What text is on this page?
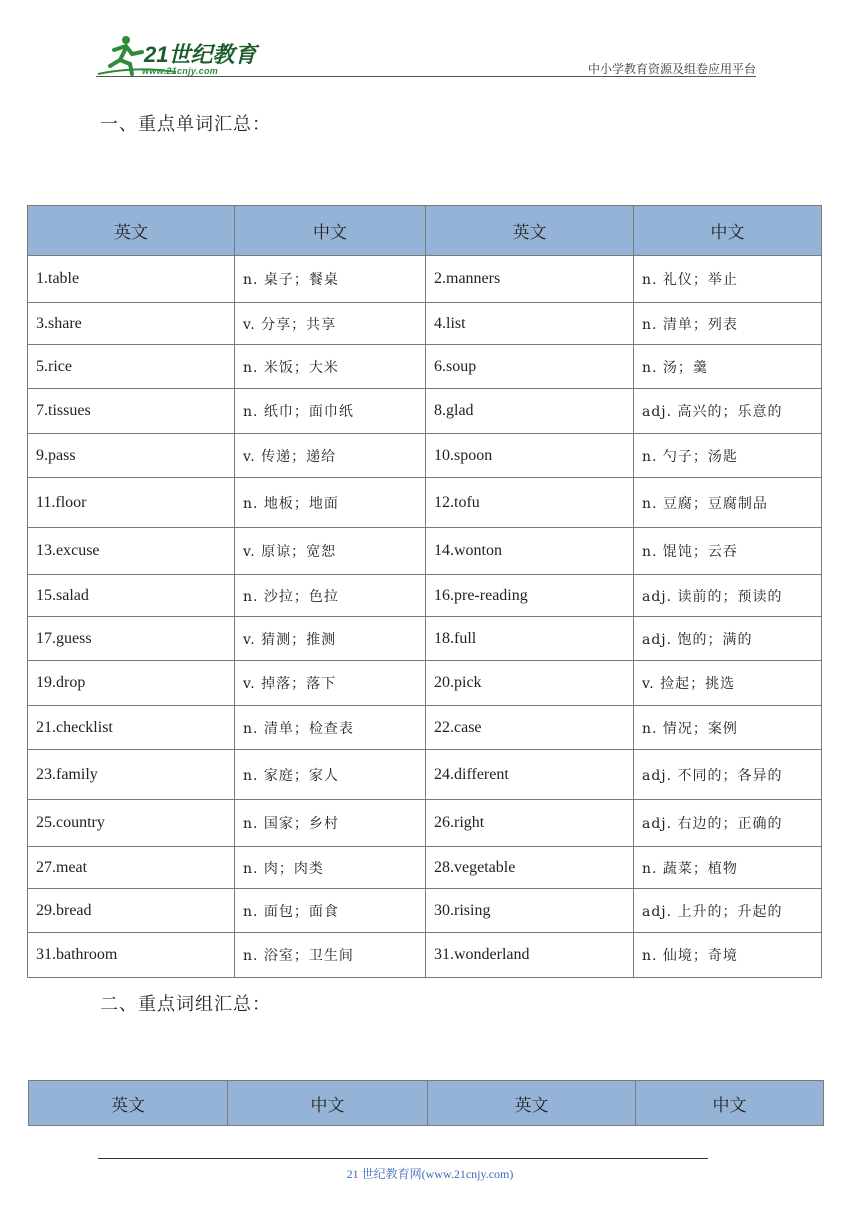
21世纪教育
www.21cnjy.com	中小学教育资源及组卷应用平台
一、重点单词汇总：
英文	中文	英文	中文
1.table	n. 桌子；餐桌	2.manners	n. 礼仪；举止
3.share	v. 分享；共享	4.list	n. 清单；列表
5.rice	n. 米饭；大米	6.soup	n. 汤；羹
7.tissues	n. 纸巾；面巾纸	8.glad	adj. 高兴的；乐意的
9.pass	v. 传递；递给	10.spoon	n. 勺子；汤匙
11.floor	n. 地板；地面	12.tofu	n. 豆腐；豆腐制品
13.excuse	v. 原谅；宽恕	14.wonton	n. 馄饨；云吞
15.salad	n. 沙拉；色拉	16.pre-reading	adj. 读前的；预读的
17.guess	v. 猜测；推测	18.full	adj. 饱的；满的
19.drop	v. 掉落；落下	20.pick	v. 捡起；挑选
21.checklist	n. 清单；检查表	22.case	n. 情况；案例
23.family	n. 家庭；家人	24.different	adj. 不同的；各异的
25.country	n. 国家；乡村	26.right	adj. 右边的；正确的
27.meat	n. 肉；肉类	28.vegetable	n. 蔬菜；植物
29.bread	n. 面包；面食	30.rising	adj. 上升的；升起的
31.bathroom	n. 浴室；卫生间	31.wonderland	n. 仙境；奇境
二、重点词组汇总：
英文	中文	英文	中文
21 世纪教育网(www.21cnjy.com)
